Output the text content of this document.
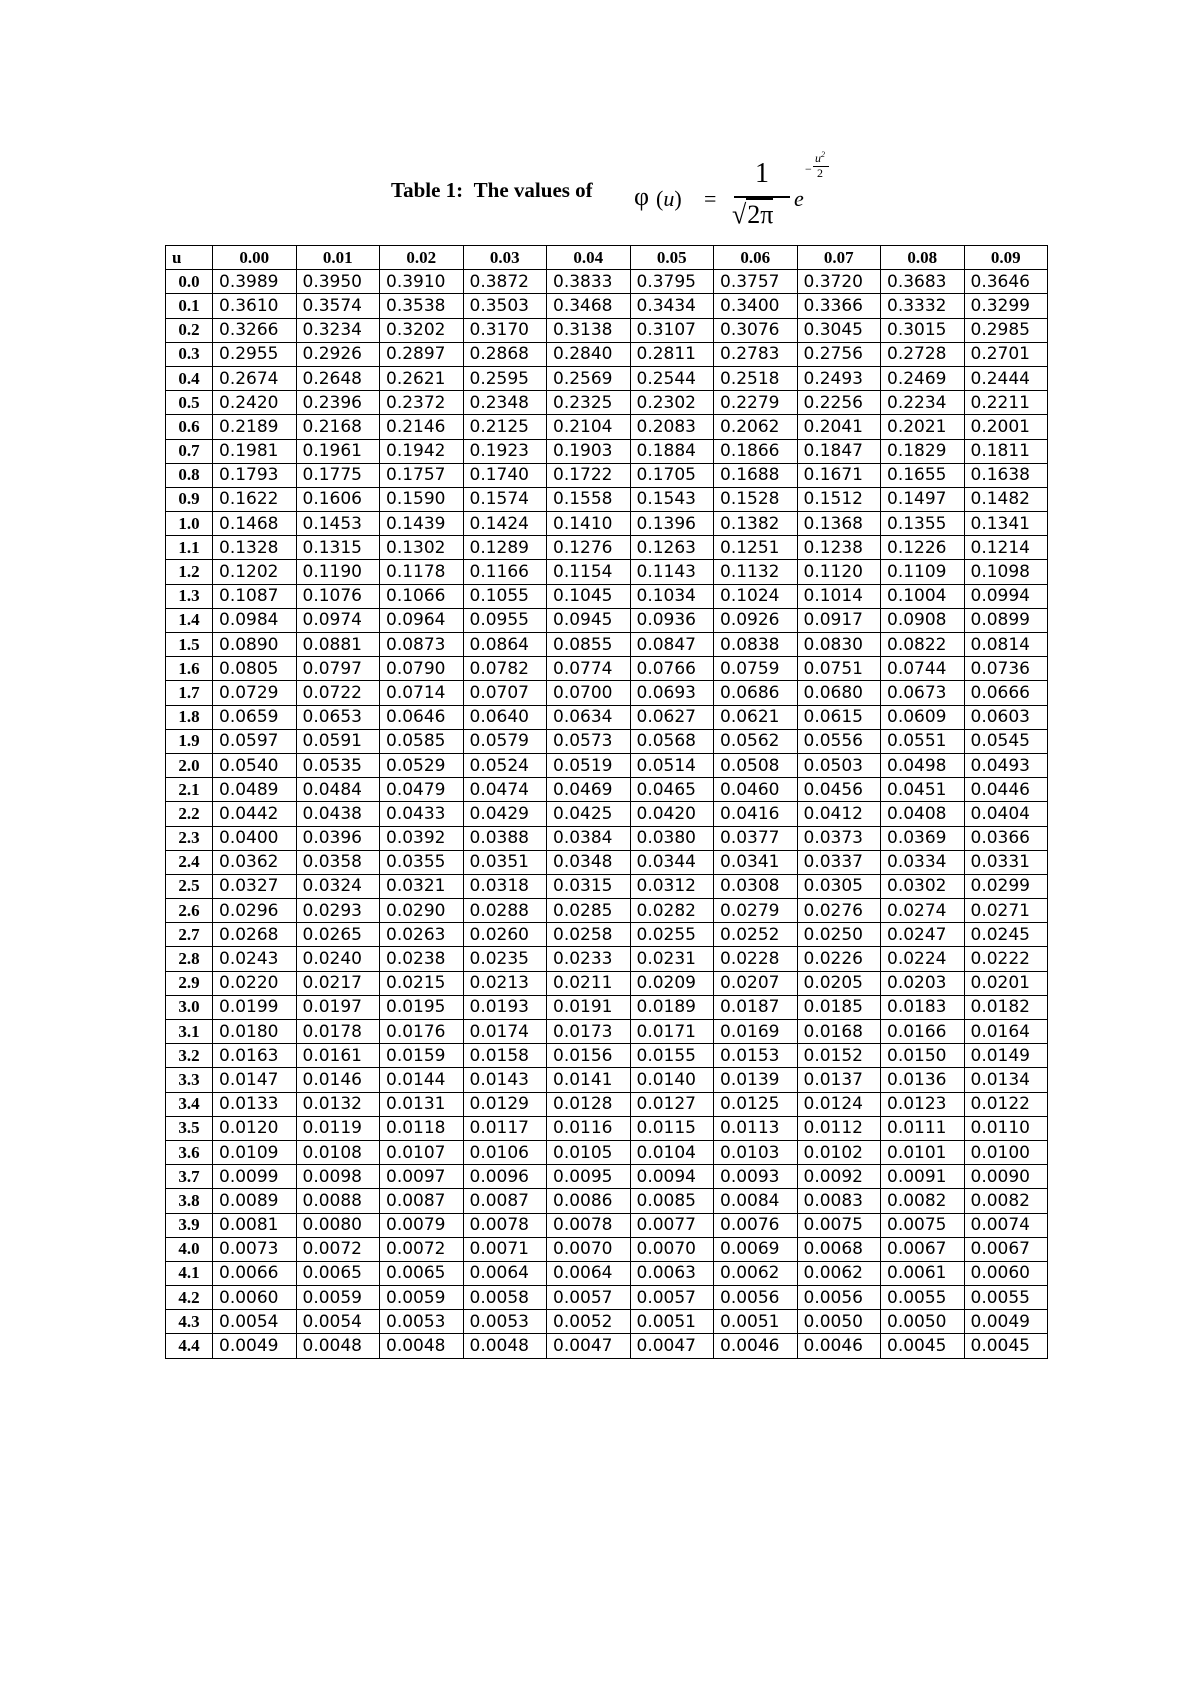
Table 1: The values of φ (u) =
1
√2π
e
−
$u^2$
2
u	0.00	0.01	0.02	0.03	0.04	0.05	0.06	0.07	0.08	0.09
0.0	0.3989	0.3950	0.3910	0.3872	0.3833	0.3795	0.3757	0.3720	0.3683	0.3646
0.1	0.3610	0.3574	0.3538	0.3503	0.3468	0.3434	0.3400	0.3366	0.3332	0.3299
0.2	0.3266	0.3234	0.3202	0.3170	0.3138	0.3107	0.3076	0.3045	0.3015	0.2985
0.3	0.2955	0.2926	0.2897	0.2868	0.2840	0.2811	0.2783	0.2756	0.2728	0.2701
0.4	0.2674	0.2648	0.2621	0.2595	0.2569	0.2544	0.2518	0.2493	0.2469	0.2444
0.5	0.2420	0.2396	0.2372	0.2348	0.2325	0.2302	0.2279	0.2256	0.2234	0.2211
0.6	0.2189	0.2168	0.2146	0.2125	0.2104	0.2083	0.2062	0.2041	0.2021	0.2001
0.7	0.1981	0.1961	0.1942	0.1923	0.1903	0.1884	0.1866	0.1847	0.1829	0.1811
0.8	0.1793	0.1775	0.1757	0.1740	0.1722	0.1705	0.1688	0.1671	0.1655	0.1638
0.9	0.1622	0.1606	0.1590	0.1574	0.1558	0.1543	0.1528	0.1512	0.1497	0.1482
1.0	0.1468	0.1453	0.1439	0.1424	0.1410	0.1396	0.1382	0.1368	0.1355	0.1341
1.1	0.1328	0.1315	0.1302	0.1289	0.1276	0.1263	0.1251	0.1238	0.1226	0.1214
1.2	0.1202	0.1190	0.1178	0.1166	0.1154	0.1143	0.1132	0.1120	0.1109	0.1098
1.3	0.1087	0.1076	0.1066	0.1055	0.1045	0.1034	0.1024	0.1014	0.1004	0.0994
1.4	0.0984	0.0974	0.0964	0.0955	0.0945	0.0936	0.0926	0.0917	0.0908	0.0899
1.5	0.0890	0.0881	0.0873	0.0864	0.0855	0.0847	0.0838	0.0830	0.0822	0.0814
1.6	0.0805	0.0797	0.0790	0.0782	0.0774	0.0766	0.0759	0.0751	0.0744	0.0736
1.7	0.0729	0.0722	0.0714	0.0707	0.0700	0.0693	0.0686	0.0680	0.0673	0.0666
1.8	0.0659	0.0653	0.0646	0.0640	0.0634	0.0627	0.0621	0.0615	0.0609	0.0603
1.9	0.0597	0.0591	0.0585	0.0579	0.0573	0.0568	0.0562	0.0556	0.0551	0.0545
2.0	0.0540	0.0535	0.0529	0.0524	0.0519	0.0514	0.0508	0.0503	0.0498	0.0493
2.1	0.0489	0.0484	0.0479	0.0474	0.0469	0.0465	0.0460	0.0456	0.0451	0.0446
2.2	0.0442	0.0438	0.0433	0.0429	0.0425	0.0420	0.0416	0.0412	0.0408	0.0404
2.3	0.0400	0.0396	0.0392	0.0388	0.0384	0.0380	0.0377	0.0373	0.0369	0.0366
2.4	0.0362	0.0358	0.0355	0.0351	0.0348	0.0344	0.0341	0.0337	0.0334	0.0331
2.5	0.0327	0.0324	0.0321	0.0318	0.0315	0.0312	0.0308	0.0305	0.0302	0.0299
2.6	0.0296	0.0293	0.0290	0.0288	0.0285	0.0282	0.0279	0.0276	0.0274	0.0271
2.7	0.0268	0.0265	0.0263	0.0260	0.0258	0.0255	0.0252	0.0250	0.0247	0.0245
2.8	0.0243	0.0240	0.0238	0.0235	0.0233	0.0231	0.0228	0.0226	0.0224	0.0222
2.9	0.0220	0.0217	0.0215	0.0213	0.0211	0.0209	0.0207	0.0205	0.0203	0.0201
3.0	0.0199	0.0197	0.0195	0.0193	0.0191	0.0189	0.0187	0.0185	0.0183	0.0182
3.1	0.0180	0.0178	0.0176	0.0174	0.0173	0.0171	0.0169	0.0168	0.0166	0.0164
3.2	0.0163	0.0161	0.0159	0.0158	0.0156	0.0155	0.0153	0.0152	0.0150	0.0149
3.3	0.0147	0.0146	0.0144	0.0143	0.0141	0.0140	0.0139	0.0137	0.0136	0.0134
3.4	0.0133	0.0132	0.0131	0.0129	0.0128	0.0127	0.0125	0.0124	0.0123	0.0122
3.5	0.0120	0.0119	0.0118	0.0117	0.0116	0.0115	0.0113	0.0112	0.0111	0.0110
3.6	0.0109	0.0108	0.0107	0.0106	0.0105	0.0104	0.0103	0.0102	0.0101	0.0100
3.7	0.0099	0.0098	0.0097	0.0096	0.0095	0.0094	0.0093	0.0092	0.0091	0.0090
3.8	0.0089	0.0088	0.0087	0.0087	0.0086	0.0085	0.0084	0.0083	0.0082	0.0082
3.9	0.0081	0.0080	0.0079	0.0078	0.0078	0.0077	0.0076	0.0075	0.0075	0.0074
4.0	0.0073	0.0072	0.0072	0.0071	0.0070	0.0070	0.0069	0.0068	0.0067	0.0067
4.1	0.0066	0.0065	0.0065	0.0064	0.0064	0.0063	0.0062	0.0062	0.0061	0.0060
4.2	0.0060	0.0059	0.0059	0.0058	0.0057	0.0057	0.0056	0.0056	0.0055	0.0055
4.3	0.0054	0.0054	0.0053	0.0053	0.0052	0.0051	0.0051	0.0050	0.0050	0.0049
4.4	0.0049	0.0048	0.0048	0.0048	0.0047	0.0047	0.0046	0.0046	0.0045	0.0045
